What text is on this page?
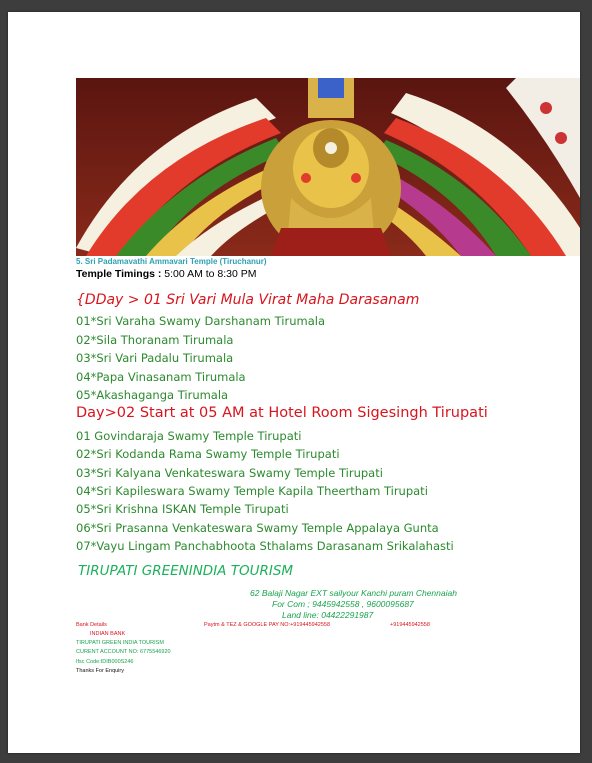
5. Sri Padamavathi Ammavari Temple (Tiruchanur)
Temple Timings : 5:00 AM to 8:30 PM
{DDay > 01 Sri Vari Mula Virat Maha Darasanam
01*Sri Varaha Swamy Darshanam Tirumala
02*Sila Thoranam Tirumala
03*Sri Vari Padalu Tirumala
04*Papa Vinasanam Tirumala
05*Akashaganga Tirumala
Day>02 Start at 05 AM at Hotel Room Sigesingh Tirupati
01 Govindaraja Swamy Temple Tirupati
02*Sri Kodanda Rama Swamy Temple Tirupati
03*Sri Kalyana Venkateswara Swamy Temple Tirupati
04*Sri Kapileswara Swamy Temple Kapila Theertham Tirupati
05*Sri Krishna ISKAN Temple Tirupati
06*Sri Prasanna Venkateswara Swamy Temple Appalaya Gunta
07*Vayu Lingam Panchabhoota Sthalams Darasanam Srikalahasti
TIRUPATI GREENINDIA TOURISM
62 Balaji Nagar EXT sailyour Kanchi puram Chennaiah
For Com ; 9445942558 , 9600095687
Land line: 04422291987
Bank Details	Paytm & TEZ & GOOGLE PAY NO:+919445942558	+919445942558
INDIAN BANK
TIRUPATI GREEN INDIA TOURISM
CURENT ACCOUNT NO: 6775546920
Ifsc Code:IDIB000S246
Thanks For Enquiry
